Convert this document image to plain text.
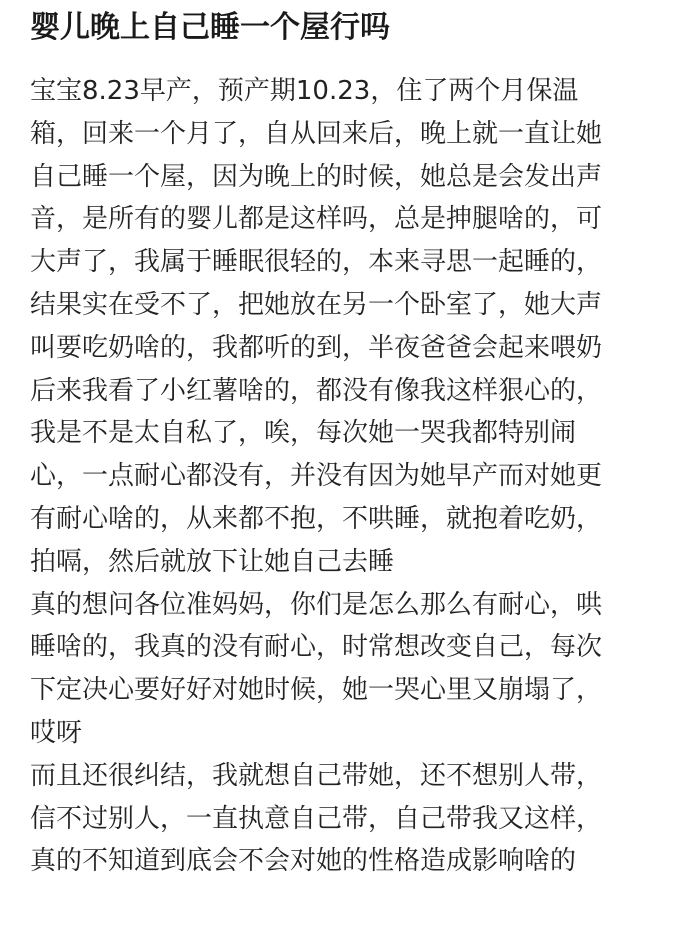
婴儿晚上自己睡一个屋行吗
宝宝8.23早产，预产期10.23，住了两个月保温
箱，回来一个月了，自从回来后，晚上就一直让她
自己睡一个屋，因为晚上的时候，她总是会发出声
音，是所有的婴儿都是这样吗，总是抻腿啥的，可
大声了，我属于睡眠很轻的，本来寻思一起睡的，
结果实在受不了，把她放在另一个卧室了，她大声
叫要吃奶啥的，我都听的到，半夜爸爸会起来喂奶
后来我看了小红薯啥的，都没有像我这样狠心的，
我是不是太自私了，唉，每次她一哭我都特别闹
心，一点耐心都没有，并没有因为她早产而对她更
有耐心啥的，从来都不抱，不哄睡，就抱着吃奶，
拍嗝，然后就放下让她自己去睡
真的想问各位准妈妈，你们是怎么那么有耐心，哄
睡啥的，我真的没有耐心，时常想改变自己，每次
下定决心要好好对她时候，她一哭心里又崩塌了，
哎呀
而且还很纠结，我就想自己带她，还不想别人带，
信不过别人，一直执意自己带，自己带我又这样，
真的不知道到底会不会对她的性格造成影响啥的
